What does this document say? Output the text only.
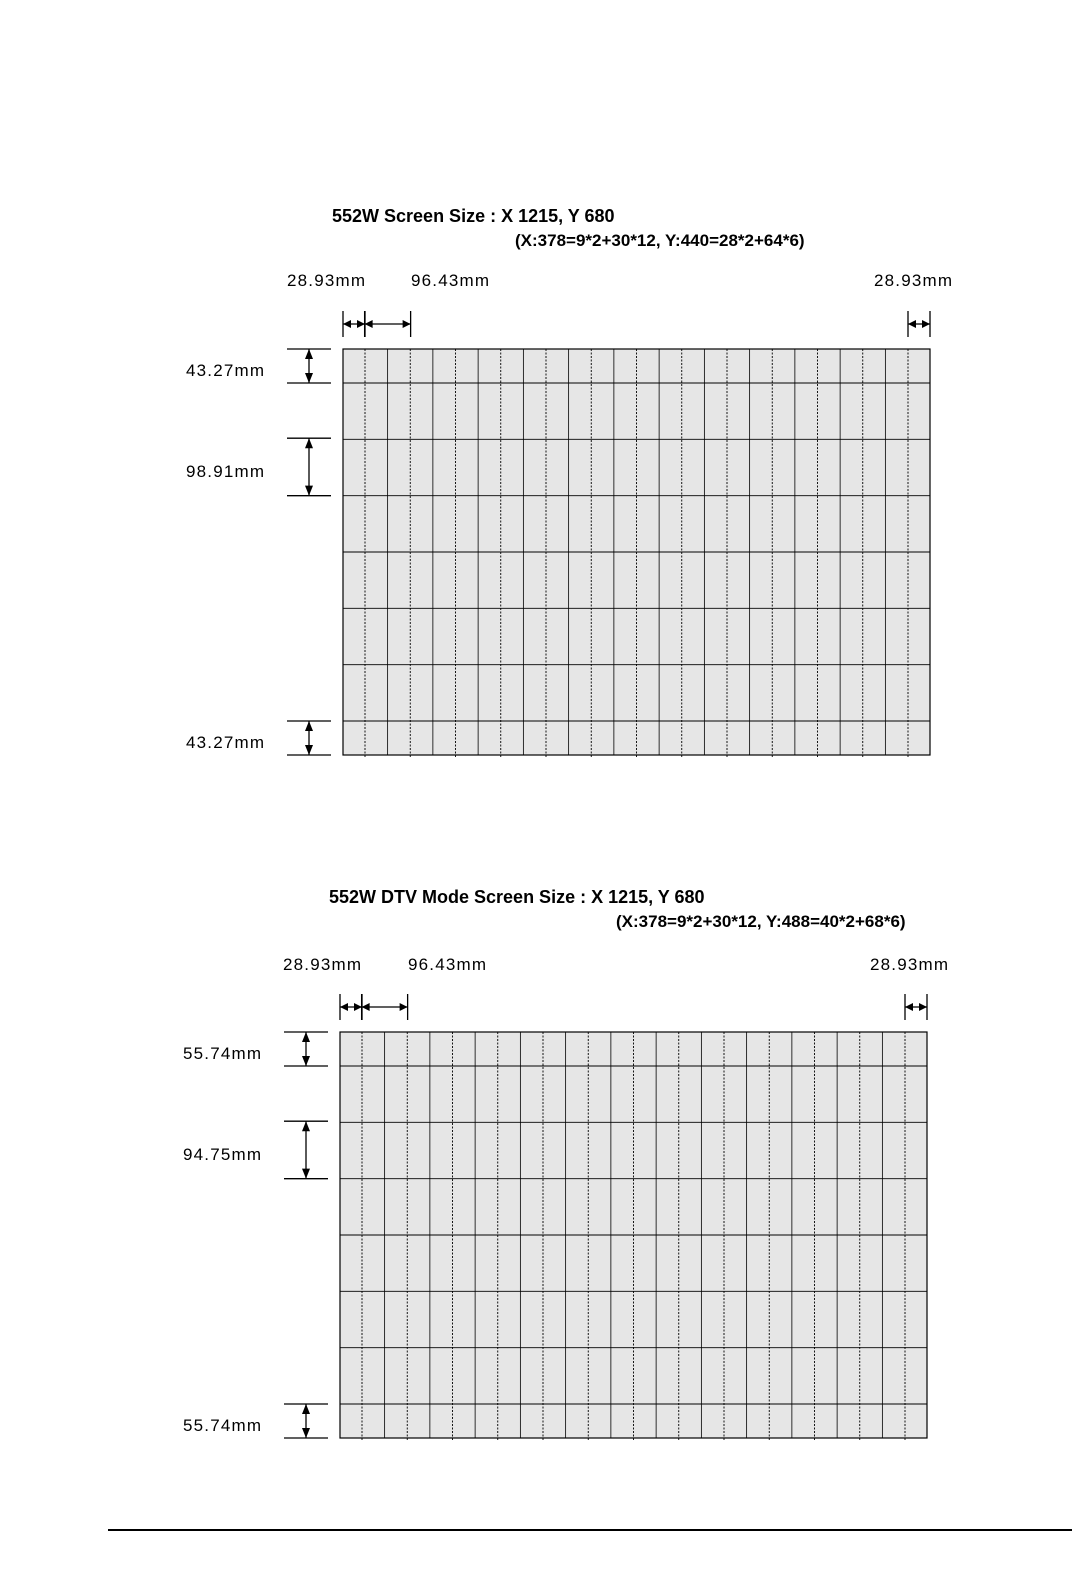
552W Screen Size : X 1215, Y 680
(X:378=9*2+30*12, Y:440=28*2+64*6)
28.93mm	96.43mm	28.93mm
43.27mm
98.91mm
43.27mm
552W DTV Mode Screen Size : X 1215, Y 680
(X:378=9*2+30*12, Y:488=40*2+68*6)
28.93mm	96.43mm	28.93mm
55.74mm
94.75mm
55.74mm
